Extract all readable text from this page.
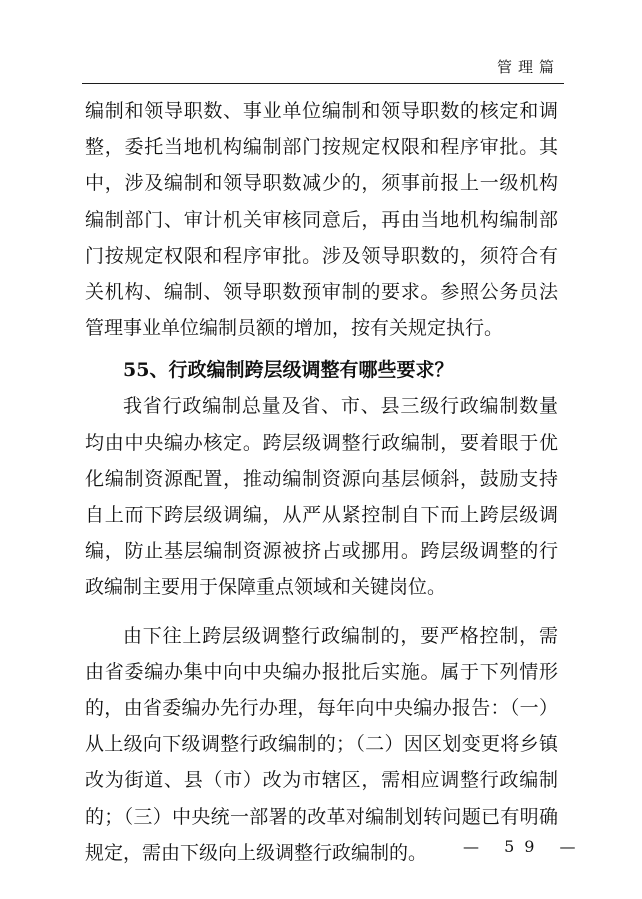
管理篇

编制和领导职数、事业单位编制和领导职数的核定和调整，委托当地机构编制部门按规定权限和程序审批。其中，涉及编制和领导职数减少的，须事前报上一级机构编制部门、审计机关审核同意后，再由当地机构编制部门按规定权限和程序审批。涉及领导职数的，须符合有关机构、编制、领导职数预审制的要求。参照公务员法管理事业单位编制员额的增加，按有关规定执行。

55、行政编制跨层级调整有哪些要求？

我省行政编制总量及省、市、县三级行政编制数量均由中央编办核定。跨层级调整行政编制，要着眼于优化编制资源配置，推动编制资源向基层倾斜，鼓励支持自上而下跨层级调编，从严从紧控制自下而上跨层级调编，防止基层编制资源被挤占或挪用。跨层级调整的行政编制主要用于保障重点领域和关键岗位。

由下往上跨层级调整行政编制的，要严格控制，需由省委编办集中向中央编办报批后实施。属于下列情形的，由省委编办先行办理，每年向中央编办报告：（一）从上级向下级调整行政编制的；（二）因区划变更将乡镇改为街道、县（市）改为市辖区，需相应调整行政编制的；（三）中央统一部署的改革对编制划转问题已有明确规定，需由下级向上级调整行政编制的。	— 59 —
